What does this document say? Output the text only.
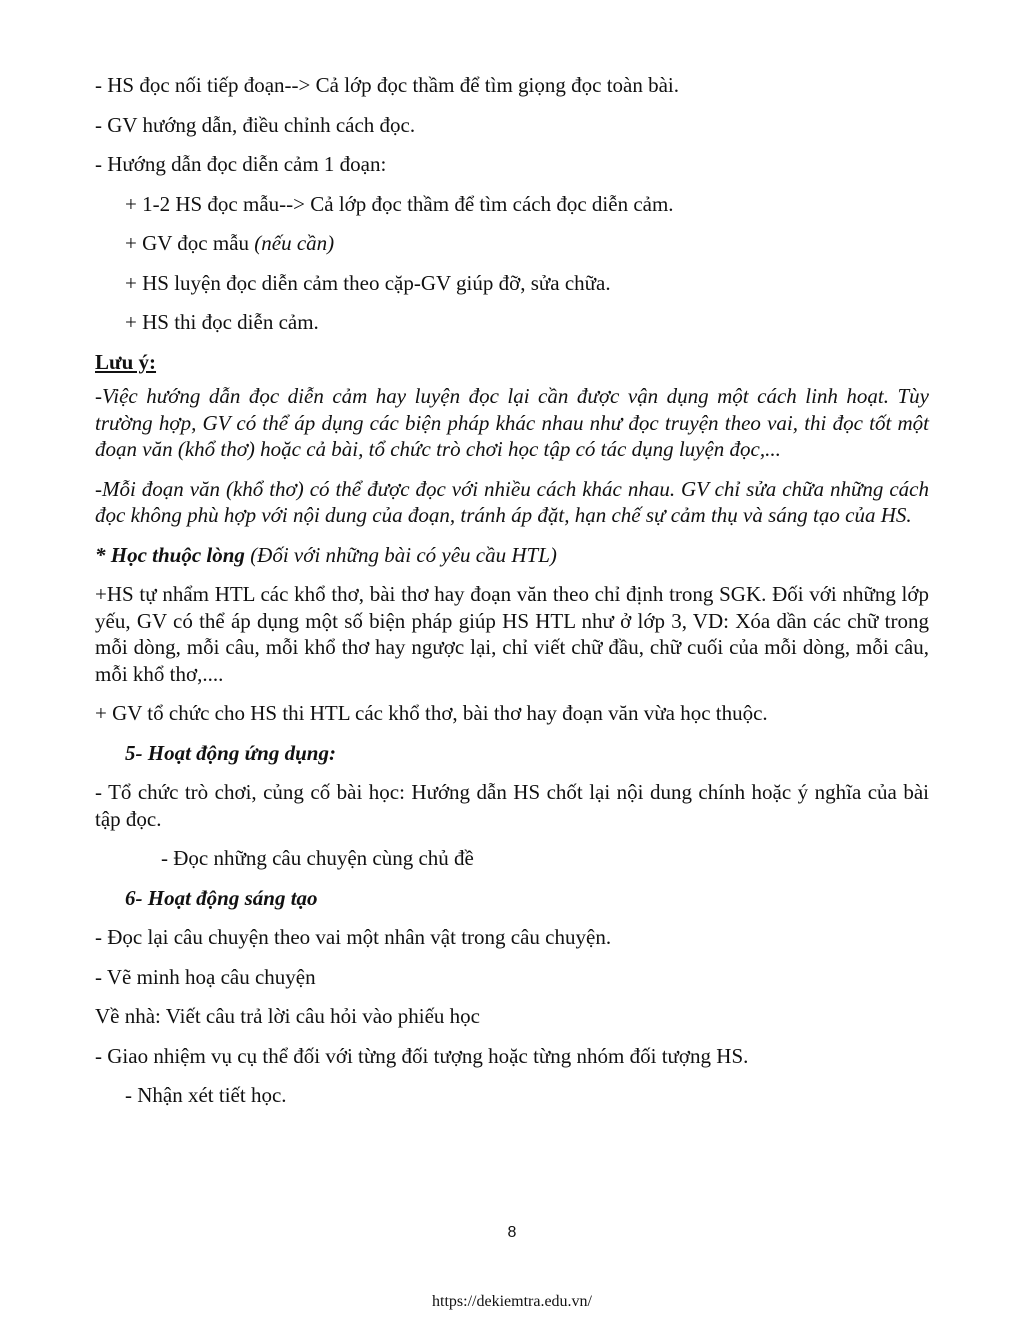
- HS đọc nối tiếp đoạn--> Cả lớp đọc thầm để tìm giọng đọc toàn bài.

- GV hướng dẫn, điều chỉnh cách đọc.

- Hướng dẫn đọc diễn cảm 1 đoạn:

+ 1-2 HS đọc mẫu--> Cả lớp đọc thầm để tìm cách đọc diễn cảm.

+ GV đọc mẫu (nếu cần)

+ HS luyện đọc diễn cảm theo cặp-GV giúp đỡ, sửa chữa.

+ HS thi đọc diễn cảm.

Lưu ý:

-Việc hướng dẫn đọc diễn cảm hay luyện đọc lại cần được vận dụng một cách linh hoạt. Tùy trường hợp, GV có thể áp dụng các biện pháp khác nhau như đọc truyện theo vai, thi đọc tốt một đoạn văn (khổ thơ) hoặc cả bài, tổ chức trò chơi học tập có tác dụng luyện đọc,...

-Mỗi đoạn văn (khổ thơ) có thể được đọc với nhiều cách khác nhau. GV chỉ sửa chữa những cách đọc không phù hợp với nội dung của đoạn, tránh áp đặt, hạn chế sự cảm thụ và sáng tạo của HS.

* Học thuộc lòng (Đối với những bài có yêu cầu HTL)

+HS tự nhẩm HTL các khổ thơ, bài thơ hay đoạn văn theo chỉ định trong SGK. Đối với những lớp yếu, GV có thể áp dụng một số biện pháp giúp HS HTL như ở lớp 3, VD: Xóa dần các chữ trong mỗi dòng, mỗi câu, mỗi khổ thơ hay ngược lại, chỉ viết chữ đầu, chữ cuối của mỗi dòng, mỗi câu, mỗi khổ thơ,....

+ GV tổ chức cho HS thi HTL các khổ thơ, bài thơ hay đoạn văn vừa học thuộc.

5- Hoạt động ứng dụng:

- Tổ chức trò chơi, củng cố bài học: Hướng dẫn HS chốt lại nội dung chính hoặc ý nghĩa của bài tập đọc.

- Đọc những câu chuyện cùng chủ đề

6- Hoạt động sáng tạo

- Đọc lại câu chuyện theo vai một nhân vật trong câu chuyện.

- Vẽ minh hoạ câu chuyện

Về nhà: Viết câu trả lời câu hỏi vào phiếu học

- Giao nhiệm vụ cụ thể đối với từng đối tượng hoặc từng nhóm đối tượng HS.

- Nhận xét tiết học.

8
https://dekiemtra.edu.vn/
